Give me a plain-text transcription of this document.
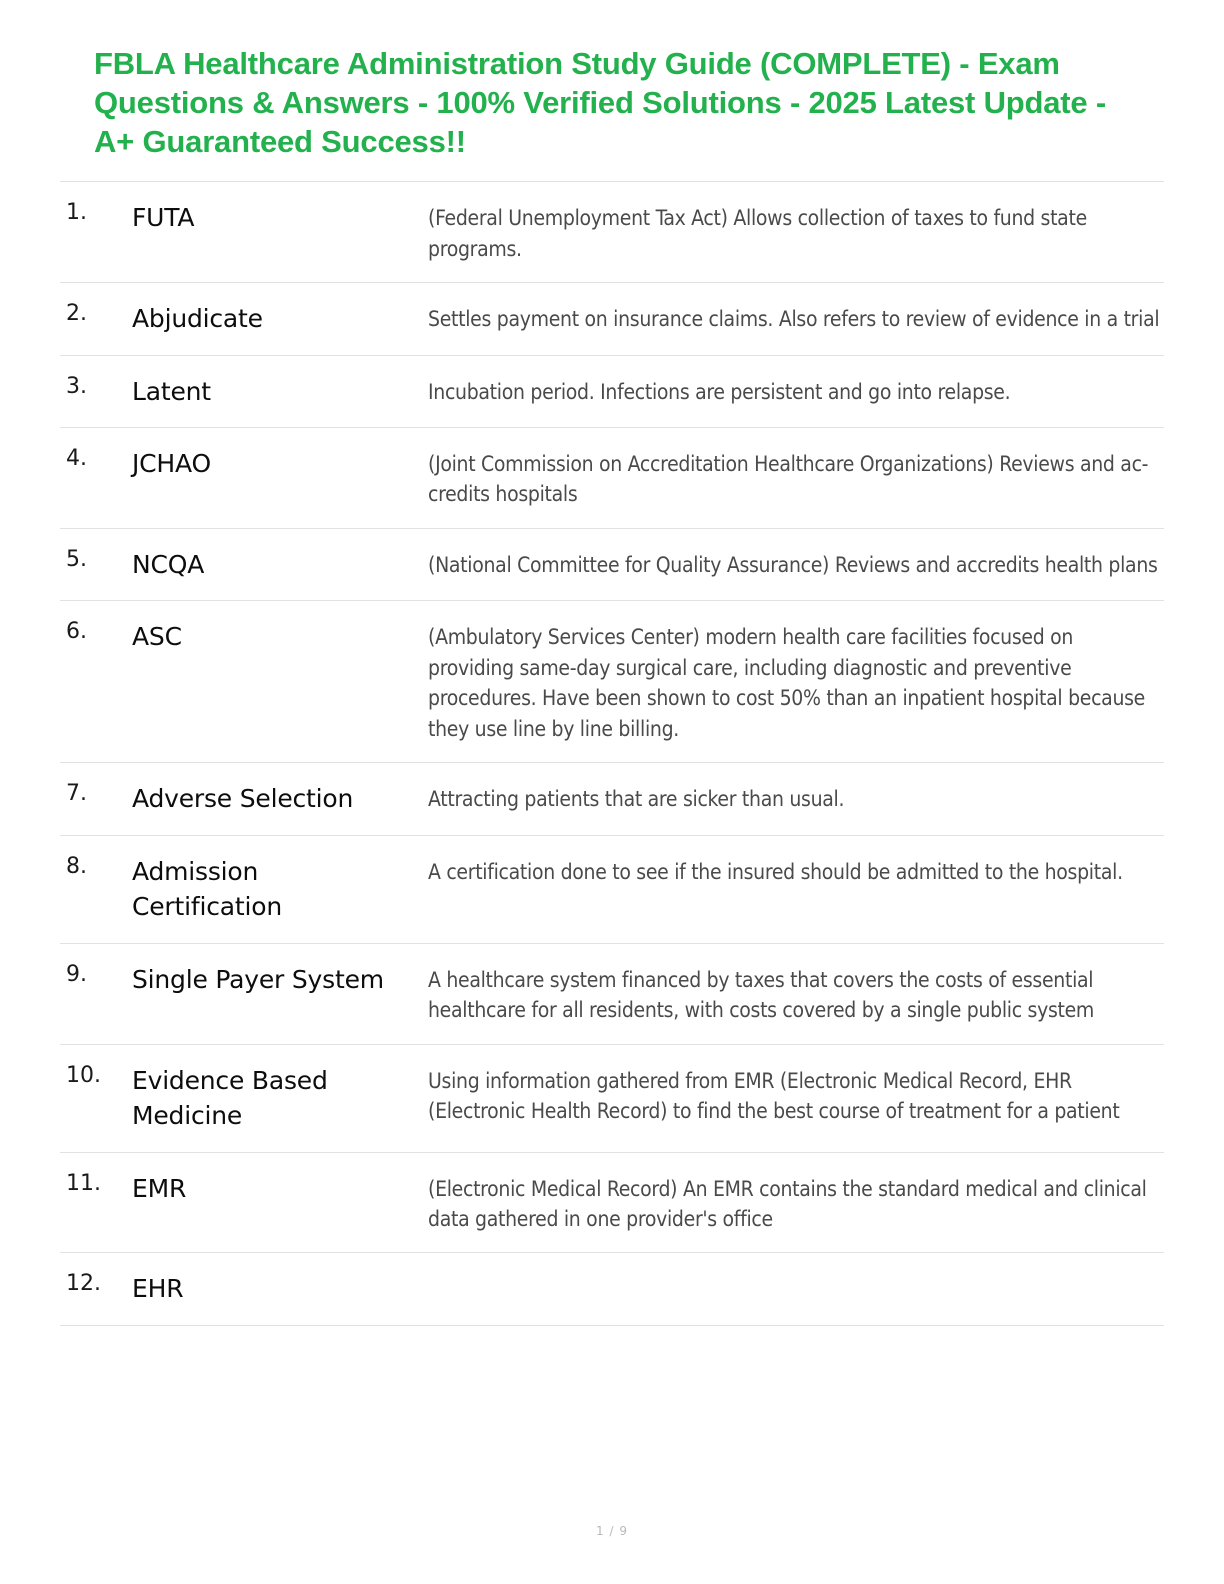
FBLA Healthcare Administration Study Guide (COMPLETE) - Exam Questions & Answers - 100% Verified Solutions - 2025 Latest Update - A+ Guaranteed Success!!
1.	FUTA	(Federal Unemployment Tax Act) Allows collection of taxes to fund state programs.
2.	Abjudicate	Settles payment on insurance claims. Also refers to review of evidence in a trial
3.	Latent	Incubation period. Infections are persistent and go into relapse.
4.	JCHAO	(Joint Commission on Accreditation Healthcare Organizations) Reviews and ac-credits hospitals
5.	NCQA	(National Committee for Quality Assurance) Reviews and accredits health plans
6.	ASC	(Ambulatory Services Center) modern health care facilities focused on providing same-day surgical care, including diagnostic and preventive procedures. Have been shown to cost 50% than an inpatient hospital because they use line by line billing.
7.	Adverse Selection	Attracting patients that are sicker than usual.
8.	Admission Certification	A certification done to see if the insured should be admitted to the hospital.
9.	Single Payer System	A healthcare system financed by taxes that covers the costs of essential healthcare for all residents, with costs covered by a single public system
10.	Evidence Based Medicine	Using information gathered from EMR (Electronic Medical Record, EHR (Electronic Health Record) to find the best course of treatment for a patient
11.	EMR	(Electronic Medical Record) An EMR contains the standard medical and clinical data gathered in one provider's office
12.	EHR	
1 / 9
